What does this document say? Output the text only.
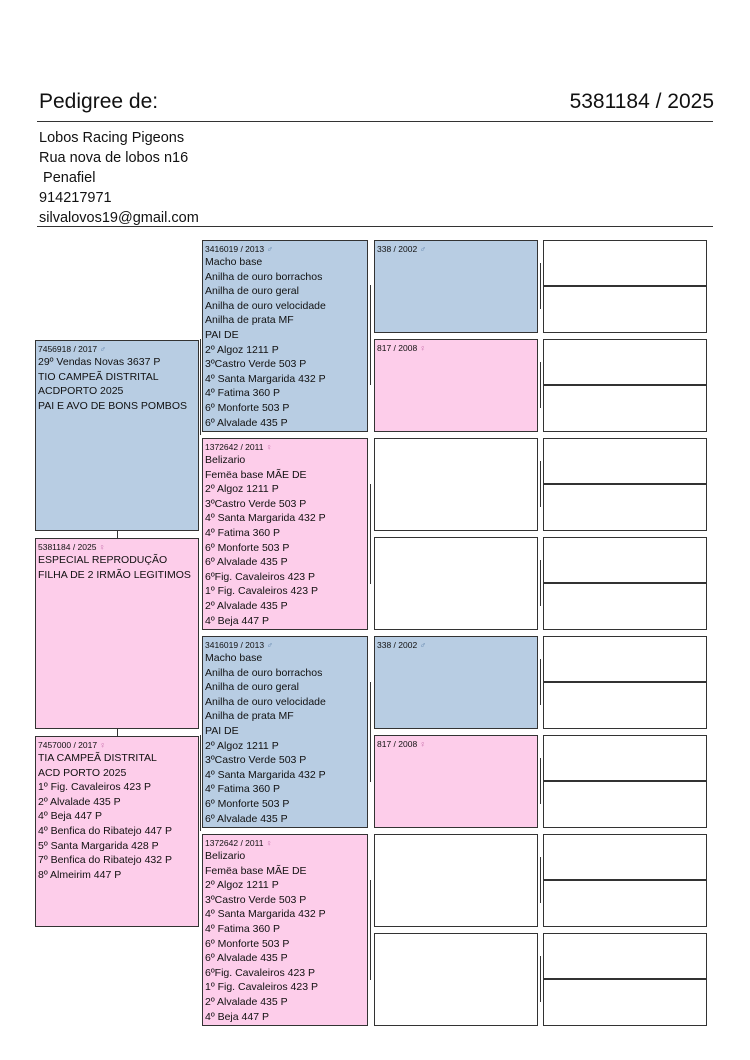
Pedigree de:	5381184 / 2025
Lobos Racing Pigeons
Rua nova de lobos n16
Penafiel
914217971
silvalovos19@gmail.com
7456918 / 2017 ♂
29º Vendas Novas 3637 P
TIO CAMPEÃ DISTRITAL
ACDPORTO 2025
PAI E AVO DE BONS POMBOS
5381184 / 2025 ♀
ESPECIAL REPRODUÇÃO
FILHA DE 2 IRMÃO LEGITIMOS
7457000 / 2017 ♀
TIA CAMPEÃ DISTRITAL
ACD PORTO 2025
1º Fig. Cavaleiros 423 P
2º Alvalade 435 P
4º Beja 447 P
4º Benfica do Ribatejo 447 P
5º Santa Margarida 428 P
7º Benfica do Ribatejo 432 P
8º Almeirim 447 P
3416019 / 2013 ♂
Macho base
Anilha de ouro borrachos
Anilha de ouro geral
Anilha de ouro velocidade
Anilha de prata MF
PAI DE
2º Algoz 1211 P
3ºCastro Verde 503 P
4º Santa Margarida 432 P
4º Fatima 360 P
6º Monforte 503 P
6º Alvalade 435 P
1372642 / 2011 ♀
Belizario
Fеmëa base MÃE DE
2º Algoz 1211 P
3ºCastro Verde 503 P
4º Santa Margarida 432 P
4º Fatima 360 P
6º Monforte 503 P
6º Alvalade 435 P
6ºFig. Cavaleiros 423 P
1º Fig. Cavaleiros 423 P
2º Alvalade 435 P
4º Beja 447 P
3416019 / 2013 ♂
Macho base
Anilha de ouro borrachos
Anilha de ouro geral
Anilha de ouro velocidade
Anilha de prata MF
PAI DE
2º Algoz 1211 P
3ºCastro Verde 503 P
4º Santa Margarida 432 P
4º Fatima 360 P
6º Monforte 503 P
6º Alvalade 435 P
1372642 / 2011 ♀
Belizario
Fеmëa base MÃE DE
2º Algoz 1211 P
3ºCastro Verde 503 P
4º Santa Margarida 432 P
4º Fatima 360 P
6º Monforte 503 P
6º Alvalade 435 P
6ºFig. Cavaleiros 423 P
1º Fig. Cavaleiros 423 P
2º Alvalade 435 P
4º Beja 447 P
338 / 2002 ♂
817 / 2008 ♀
338 / 2002 ♂
817 / 2008 ♀
